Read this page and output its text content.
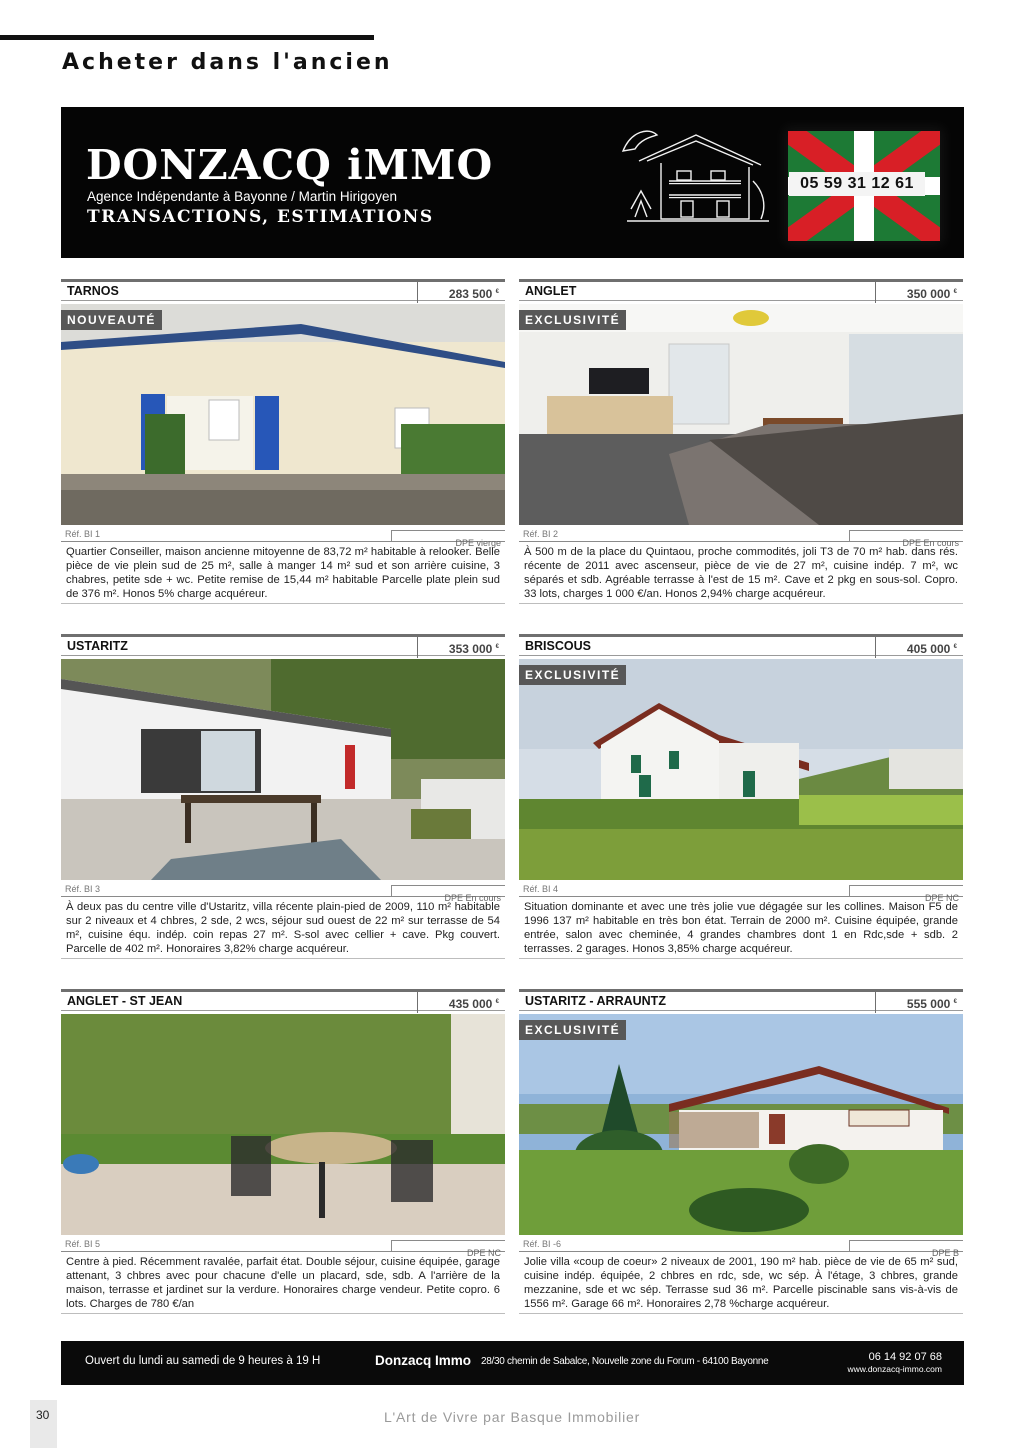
Acheter dans l'ancien
DONZACQ iMMO
Agence Indépendante à Bayonne / Martin Hirigoyen
TRANSACTIONS, ESTIMATIONS
05 59 31 12 61
TARNOS	283 500 €
NOUVEAUTÉ
Réf. BI 1
DPE vierge

Quartier Conseiller, maison ancienne mitoyenne de 83,72 m² habitable à relooker. Belle pièce de vie plein sud de 25 m², salle à manger 14 m² sud et son arrière cuisine, 3 chabres, petite sde + wc. Petite remise de 15,44 m² habitable Parcelle plate plein sud de 376 m². Honos 5% charge acquéreur.

ANGLET	350 000 €
EXCLUSIVITÉ
Réf. BI 2
DPE En cours

À 500 m de la place du Quintaou, proche commodités, joli T3 de 70 m² hab. dans rés. récente de 2011 avec ascenseur, pièce de vie de 27 m², cuisine indép. 7 m², wc séparés et sdb. Agréable terrasse à l'est de 15 m². Cave et 2 pkg en sous-sol. Copro. 33 lots, charges 1 000 €/an. Honos 2,94% charge acquéreur.

USTARITZ	353 000 €
Réf. BI 3
DPE En cours

À deux pas du centre ville d'Ustaritz, villa récente plain-pied de 2009, 110 m² habitable sur 2 niveaux et 4 chbres, 2 sde, 2 wcs, séjour sud ouest de 22 m² sur terrasse de 54 m², cuisine équ. indép. coin repas 27 m². S-sol avec cellier + cave. Pkg couvert. Parcelle de 402 m². Honoraires 3,82% charge acquéreur.

BRISCOUS	405 000 €
EXCLUSIVITÉ
Réf. BI 4
DPE NC

Situation dominante et avec une très jolie vue dégagée sur les collines. Maison F5 de 1996 137 m² habitable en très bon état. Terrain de 2000 m². Cuisine équipée, grande entrée, salon avec cheminée, 4 grandes chambres dont 1 en Rdc,sde + sdb. 2 terrasses. 2 garages. Honos 3,85% charge acquéreur.

ANGLET - ST JEAN	435 000 €
Réf. BI 5
DPE NC

Centre à pied. Récemment ravalée, parfait état. Double séjour, cuisine équipée, garage attenant, 3 chbres avec pour chacune d'elle un placard, sde, sdb. A l'arrière de la maison, terrasse et jardinet sur la verdure. Honoraires charge vendeur. Petite copro. 6 lots. Charges de 780 €/an

USTARITZ - ARRAUNTZ	555 000 €
EXCLUSIVITÉ
Réf. BI -6
DPE B

Jolie villa «coup de coeur» 2 niveaux de 2001, 190 m² hab. pièce de vie de 65 m² sud, cuisine indép. équipée, 2 chbres en rdc, sde, wc sép. À l'étage, 3 chbres, grande mezzanine, sde et wc sép. Terrasse sud 36 m². Parcelle piscinable sans vis-à-vis de 1556 m². Garage 66 m². Honoraires 2,78 %charge acquéreur.

Ouvert du lundi au samedi de 9 heures à 19 H	Donzacq Immo 28/30 chemin de Sabalce, Nouvelle zone du Forum - 64100 Bayonne	06 14 92 07 68
www.donzacq-immo.com
30	L'Art de Vivre par Basque Immobilier
